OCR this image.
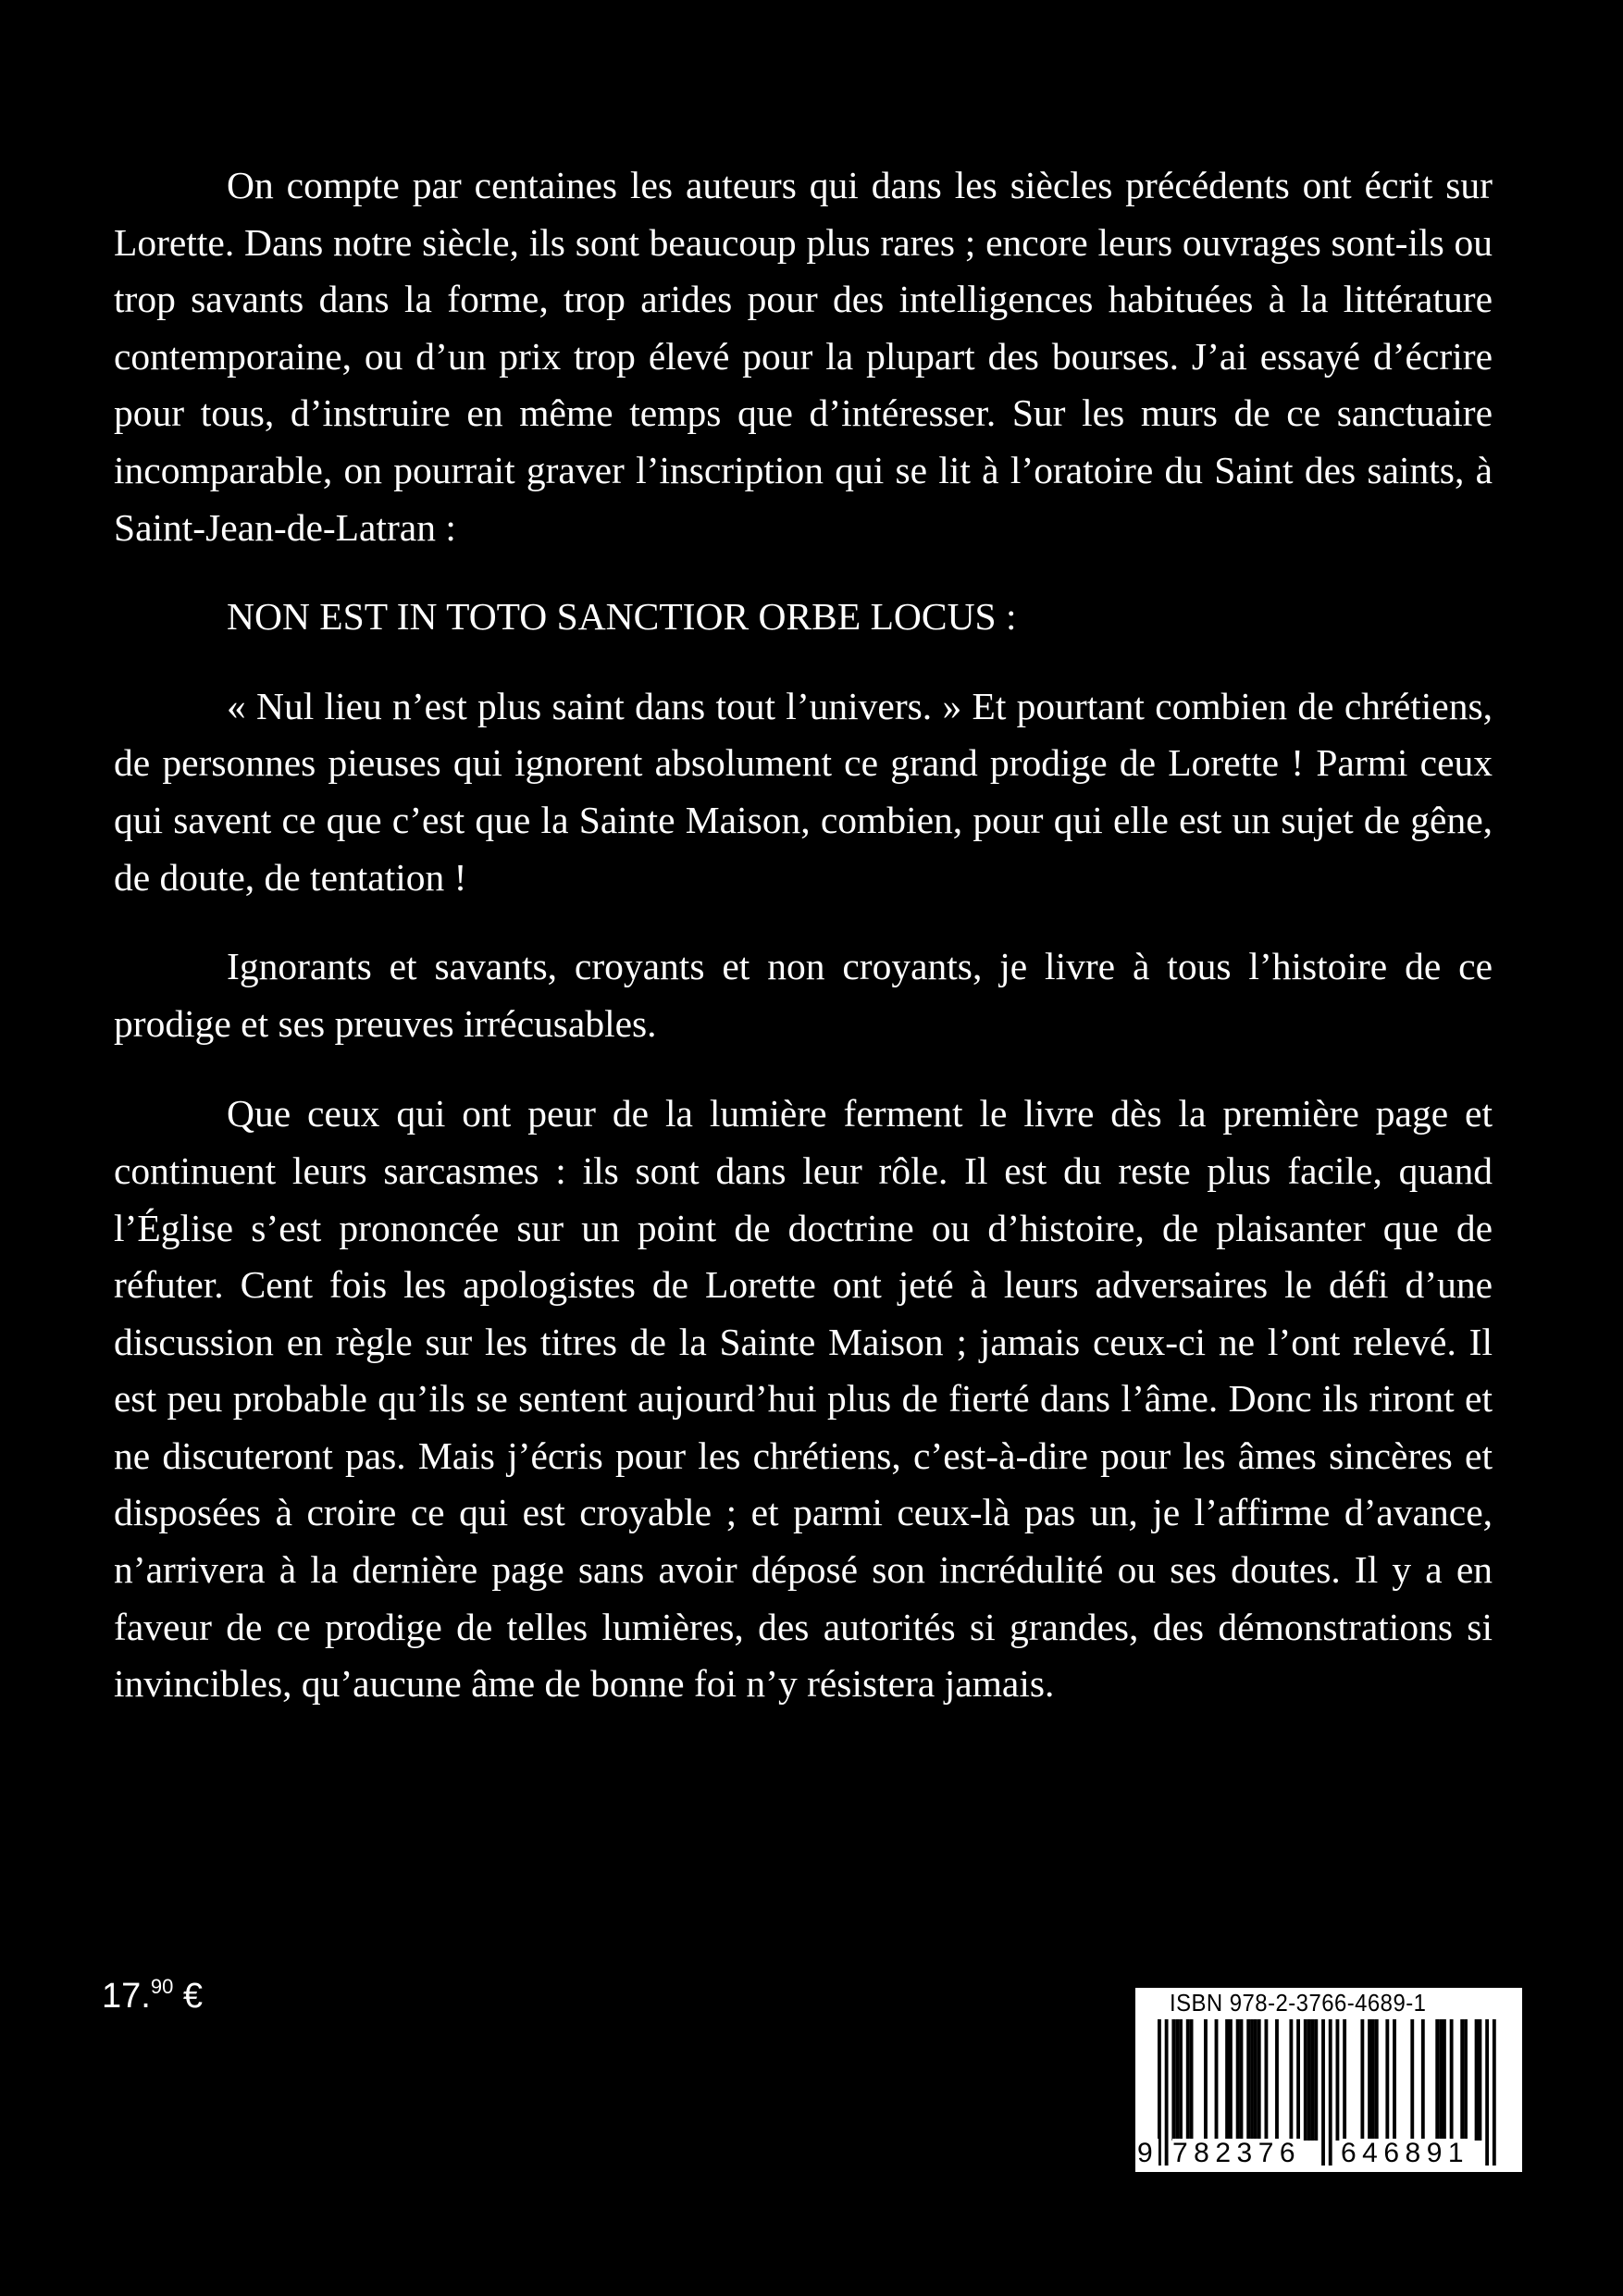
On compte par centaines les auteurs qui dans les siècles précédents ont écrit sur Lorette. Dans notre siècle, ils sont beaucoup plus rares ; encore leurs ouvrages sont-ils ou trop savants dans la forme, trop arides pour des intelligences habituées à la littérature contemporaine, ou d’un prix trop élevé pour la plupart des bourses. J’ai essayé d’écrire pour tous, d’instruire en même temps que d’intéresser. Sur les murs de ce sanctuaire incomparable, on pourrait graver l’inscription qui se lit à l’oratoire du Saint des saints, à Saint-Jean-de-Latran :

NON EST IN TOTO SANCTIOR ORBE LOCUS :

« Nul lieu n’est plus saint dans tout l’univers. » Et pourtant combien de chrétiens, de personnes pieuses qui ignorent absolument ce grand prodige de Lorette ! Parmi ceux qui savent ce que c’est que la Sainte Maison, combien, pour qui elle est un sujet de gêne, de doute, de tentation !

Ignorants et savants, croyants et non croyants, je livre à tous l’histoire de ce prodige et ses preuves irrécusables.

Que ceux qui ont peur de la lumière ferment le livre dès la première page et continuent leurs sarcasmes : ils sont dans leur rôle. Il est du reste plus facile, quand l’Église s’est prononcée sur un point de doctrine ou d’histoire, de plaisanter que de réfuter. Cent fois les apologistes de Lorette ont jeté à leurs adversaires le défi d’une discussion en règle sur les titres de la Sainte Maison ; jamais ceux-ci ne l’ont relevé. Il est peu probable qu’ils se sentent aujourd’hui plus de fierté dans l’âme. Donc ils riront et ne discuteront pas. Mais j’écris pour les chrétiens, c’est-à-dire pour les âmes sincères et disposées à croire ce qui est croyable ; et parmi ceux-là pas un, je l’affirme d’avance, n’arrivera à la dernière page sans avoir déposé son incrédulité ou ses doutes. Il y a en faveur de ce prodige de telles lumières, des autorités si grandes, des démonstrations si invincibles, qu’aucune âme de bonne foi n’y résistera jamais.

17.90 €	ISBN 978-2-3766-4689-1
9 782376 646891
